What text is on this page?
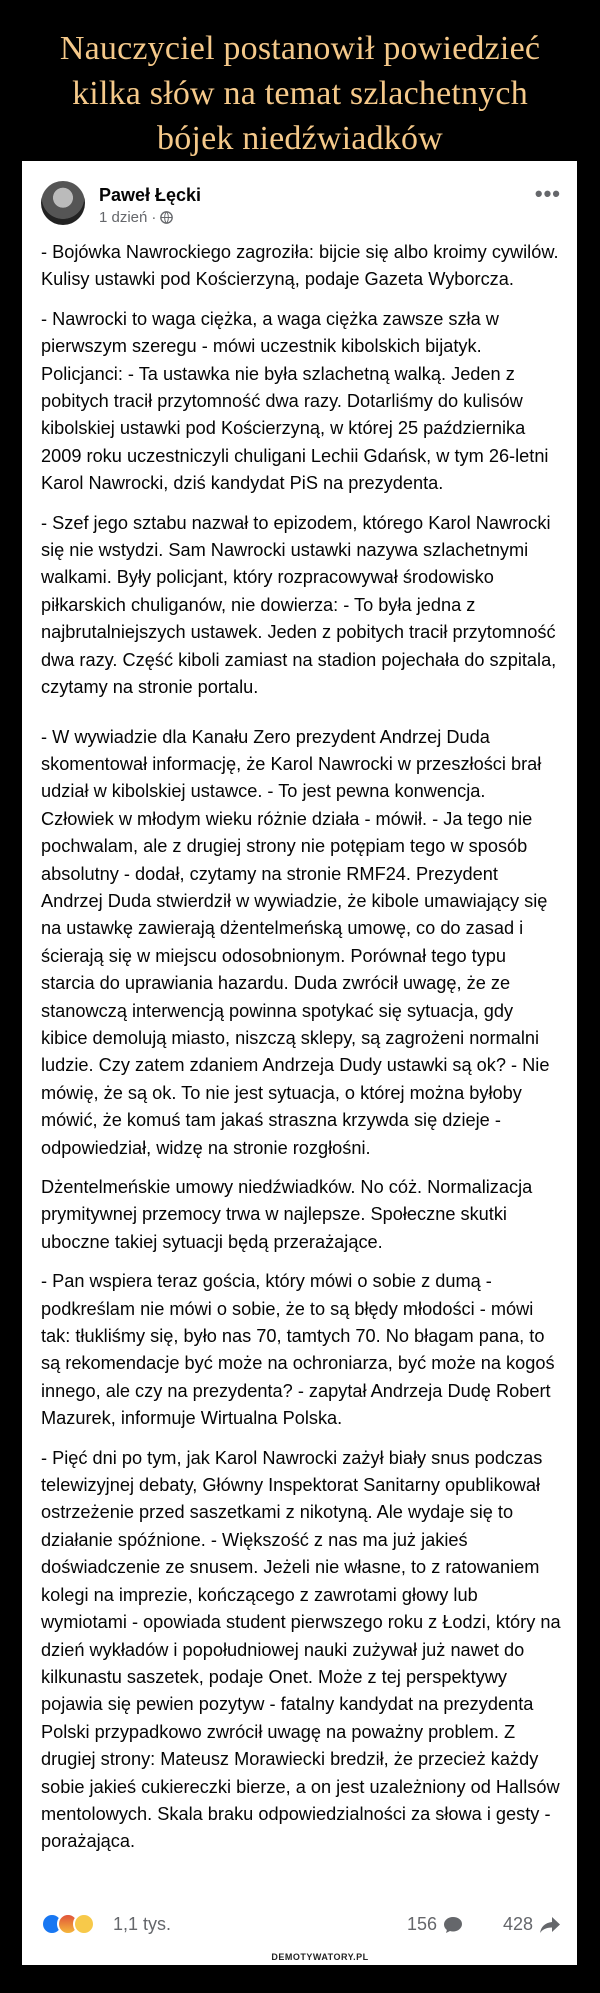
Nauczyciel postanowił powiedzieć
kilka słów na temat szlachetnych
bójek niedźwiadków
Paweł Łęcki
1 dzień ·
•••

- Bojówka Nawrockiego zagroziła: bijcie się albo kroimy cywilów. Kulisy ustawki pod Kościerzyną, podaje Gazeta Wyborcza.

- Nawrocki to waga ciężka, a waga ciężka zawsze szła w pierwszym szeregu - mówi uczestnik kibolskich bijatyk. Policjanci: - Ta ustawka nie była szlachetną walką. Jeden z pobitych tracił przytomność dwa razy. Dotarliśmy do kulisów kibolskiej ustawki pod Kościerzyną, w której 25 października 2009 roku uczestniczyli chuligani Lechii Gdańsk, w tym 26-letni Karol Nawrocki, dziś kandydat PiS na prezydenta.

- Szef jego sztabu nazwał to epizodem, którego Karol Nawrocki się nie wstydzi. Sam Nawrocki ustawki nazywa szlachetnymi walkami. Były policjant, który rozpracowywał środowisko piłkarskich chuliganów, nie dowierza: - To była jedna z najbrutalniejszych ustawek. Jeden z pobitych tracił przytomność dwa razy. Część kiboli zamiast na stadion pojechała do szpitala, czytamy na stronie portalu.

- W wywiadzie dla Kanału Zero prezydent Andrzej Duda skomentował informację, że Karol Nawrocki w przeszłości brał udział w kibolskiej ustawce. - To jest pewna konwencja. Człowiek w młodym wieku różnie działa - mówił. - Ja tego nie pochwalam, ale z drugiej strony nie potępiam tego w sposób absolutny - dodał, czytamy na stronie RMF24. Prezydent Andrzej Duda stwierdził w wywiadzie, że kibole umawiający się na ustawkę zawierają dżentelmeńską umowę, co do zasad i ścierają się w miejscu odosobnionym. Porównał tego typu starcia do uprawiania hazardu. Duda zwrócił uwagę, że ze stanowczą interwencją powinna spotykać się sytuacja, gdy kibice demolują miasto, niszczą sklepy, są zagrożeni normalni ludzie. Czy zatem zdaniem Andrzeja Dudy ustawki są ok? - Nie mówię, że są ok. To nie jest sytuacja, o której można byłoby mówić, że komuś tam jakaś straszna krzywda się dzieje - odpowiedział, widzę na stronie rozgłośni.

Dżentelmeńskie umowy niedźwiadków. No cóż. Normalizacja prymitywnej przemocy trwa w najlepsze. Społeczne skutki uboczne takiej sytuacji będą przerażające.

- Pan wspiera teraz gościa, który mówi o sobie z dumą - podkreślam nie mówi o sobie, że to są błędy młodości - mówi tak: tłukliśmy się, było nas 70, tamtych 70. No błagam pana, to są rekomendacje być może na ochroniarza, być może na kogoś innego, ale czy na prezydenta? - zapytał Andrzeja Dudę Robert Mazurek, informuje Wirtualna Polska.

- Pięć dni po tym, jak Karol Nawrocki zażył biały snus podczas telewizyjnej debaty, Główny Inspektorat Sanitarny opublikował ostrzeżenie przed saszetkami z nikotyną. Ale wydaje się to działanie spóźnione. - Większość z nas ma już jakieś doświadczenie ze snusem. Jeżeli nie własne, to z ratowaniem kolegi na imprezie, kończącego z zawrotami głowy lub wymiotami - opowiada student pierwszego roku z Łodzi, który na dzień wykładów i popołudniowej nauki zużywał już nawet do kilkunastu saszetek, podaje Onet. Może z tej perspektywy pojawia się pewien pozytyw - fatalny kandydat na prezydenta Polski przypadkowo zwrócił uwagę na poważny problem. Z drugiej strony: Mateusz Morawiecki bredził, że przecież każdy sobie jakieś cukiereczki bierze, a on jest uzależniony od Hallsów mentolowych. Skala braku odpowiedzialności za słowa i gesty - porażająca.

1,1 tys.	156	428
DEMOTYWATORY.PL
